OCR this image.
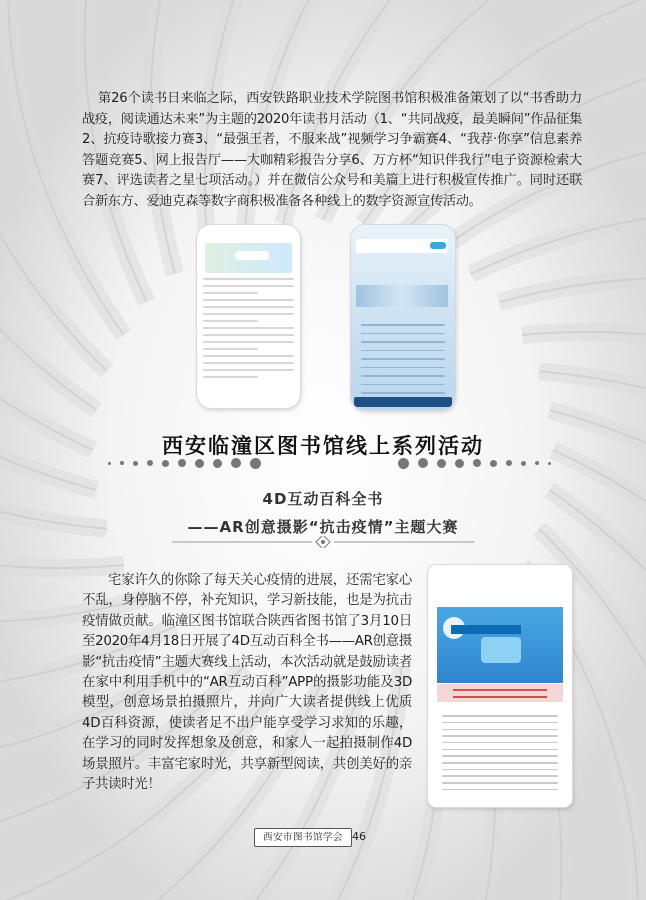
第26个读书日来临之际，西安铁路职业技术学院图书馆积极准备策划了以“书香助力战疫，阅读通达未来”为主题的2020年读书月活动（1、“共同战疫，最美瞬间”作品征集2、抗疫诗歌接力赛3、“最强王者，不服来战”视频学习争霸赛4、“我荐·你享”信息素养答题竞赛5、网上报告厅——大咖精彩报告分享6、万方杯“知识伴我行”电子资源检索大赛7、评选读者之星七项活动。）并在微信公众号和美篇上进行积极宣传推广。同时还联合新东方、爱迪克森等数字商积极准备各种线上的数字资源宣传活动。

西安临潼区图书馆线上系列活动
4D互动百科全书
——AR创意摄影“抗击疫情”主题大赛

宅家许久的你除了每天关心疫情的进展，还需宅家心不乱，身停脑不停，补充知识，学习新技能，也是为抗击疫情做贡献。临潼区图书馆联合陕西省图书馆了3月10日至2020年4月18日开展了4D互动百科全书——AR创意摄影“抗击疫情”主题大赛线上活动，本次活动就是鼓励读者在家中利用手机中的“AR互动百科”APP的摄影功能及3D模型，创意场景拍摄照片，并向广大读者提供线上优质4D百科资源，使读者足不出户能享受学习求知的乐趣，在学习的同时发挥想象及创意，和家人一起拍摄制作4D场景照片。丰富宅家时光，共享新型阅读，共创美好的亲子共读时光！

西安市图书馆学会 46
